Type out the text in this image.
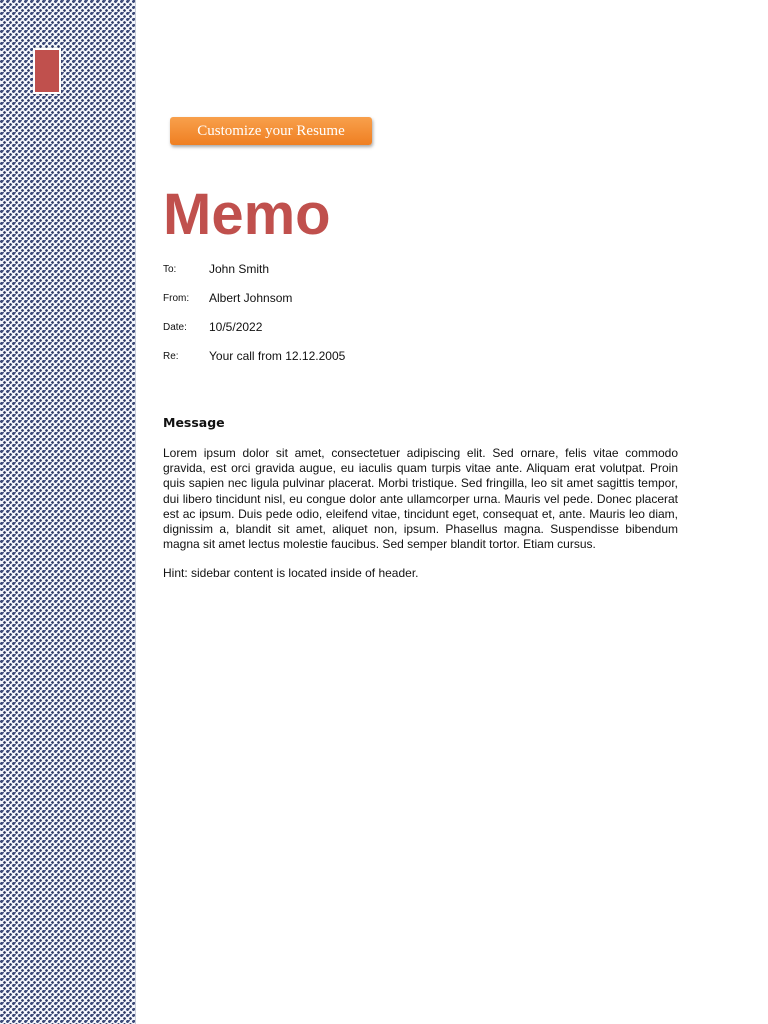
Customize your Resume
Memo
To:	John Smith
From: Albert Johnsom
Date: 10/5/2022
Re:	Your call from 12.12.2005
Message

Lorem ipsum dolor sit amet, consectetuer adipiscing elit. Sed ornare, felis vitae commodo gravida, est orci gravida augue, eu iaculis quam turpis vitae ante. Aliquam erat volutpat. Proin quis sapien nec ligula pulvinar placerat. Morbi tristique. Sed fringilla, leo sit amet sagittis tempor, dui libero tincidunt nisl, eu congue dolor ante ullamcorper urna. Mauris vel pede. Donec placerat est ac ipsum. Duis pede odio, eleifend vitae, tincidunt eget, consequat et, ante. Mauris leo diam, dignissim a, blandit sit amet, aliquet non, ipsum. Phasellus magna. Suspendisse bibendum magna sit amet lectus molestie faucibus. Sed semper blandit tortor. Etiam cursus.

Hint: sidebar content is located inside of header.
